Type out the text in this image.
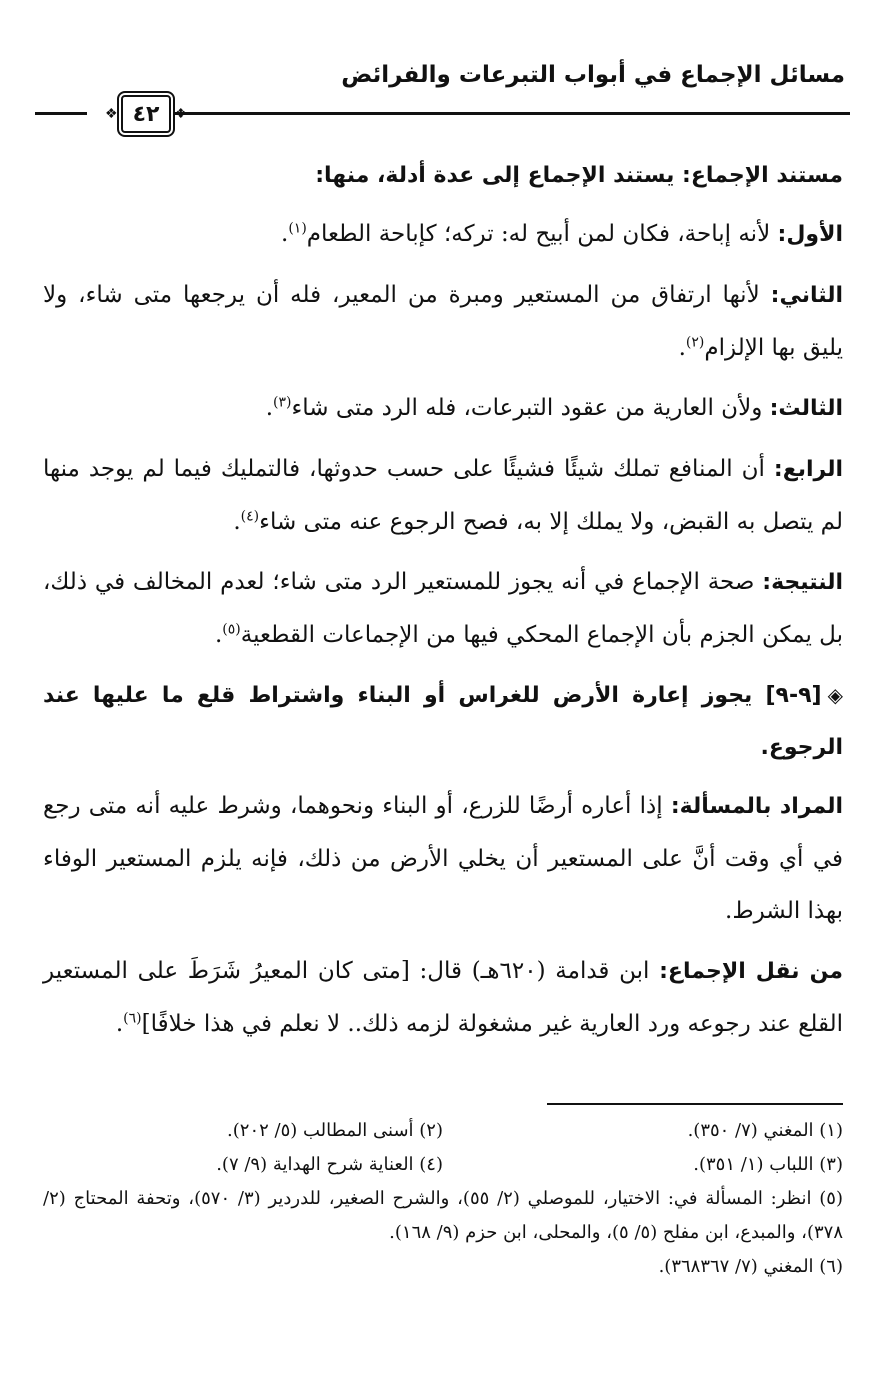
مسائل الإجماع في أبواب التبرعات والفرائض
❖
٤٢
❖

مستند الإجماع: يستند الإجماع إلى عدة أدلة، منها:

الأول: لأنه إباحة، فكان لمن أبيح له: تركه؛ كإباحة الطعام$^{(١)}$.

الثاني: لأنها ارتفاق من المستعير ومبرة من المعير، فله أن يرجعها متى شاء، ولا يليق بها الإلزام$^{(٢)}$.

الثالث: ولأن العارية من عقود التبرعات، فله الرد متى شاء$^{(٣)}$.

الرابع: أن المنافع تملك شيئًا فشيئًا على حسب حدوثها، فالتمليك فيما لم يوجد منها لم يتصل به القبض، ولا يملك إلا به، فصح الرجوع عنه متى شاء$^{(٤)}$.

النتيجة: صحة الإجماع في أنه يجوز للمستعير الرد متى شاء؛ لعدم المخالف في ذلك، بل يمكن الجزم بأن الإجماع المحكي فيها من الإجماعات القطعية$^{(٥)}$.

◈[٩-٩] يجوز إعارة الأرض للغراس أو البناء واشتراط قلع ما عليها عند الرجوع.

المراد بالمسألة: إذا أعاره أرضًا للزرع، أو البناء ونحوهما، وشرط عليه أنه متى رجع في أي وقت أنَّ على المستعير أن يخلي الأرض من ذلك، فإنه يلزم المستعير الوفاء بهذا الشرط.

من نقل الإجماع: ابن قدامة (٦٢٠هـ) قال: [متى كان المعيرُ شَرَطَ على المستعير القلع عند رجوعه ورد العارية غير مشغولة لزمه ذلك.. لا نعلم في هذا خلافًا]$^{(٦)}$.

(١) المغني (٧/ ٣٥٠).
(٢) أسنى المطالب (٥/ ٢٠٢).
(٣) اللباب (١/ ٣٥١).
(٤) العناية شرح الهداية (٩/ ٧).
(٥) انظر: المسألة في: الاختيار، للموصلي (٢/ ٥٥)، والشرح الصغير، للدردير (٣/ ٥٧٠)، وتحفة المحتاج (٢/ ٣٧٨)، والمبدع، ابن مفلح (٥/ ٥)، والمحلى، ابن حزم (٩/ ١٦٨).
(٦) المغني (٧/ ٣٦٨٣٦٧).
